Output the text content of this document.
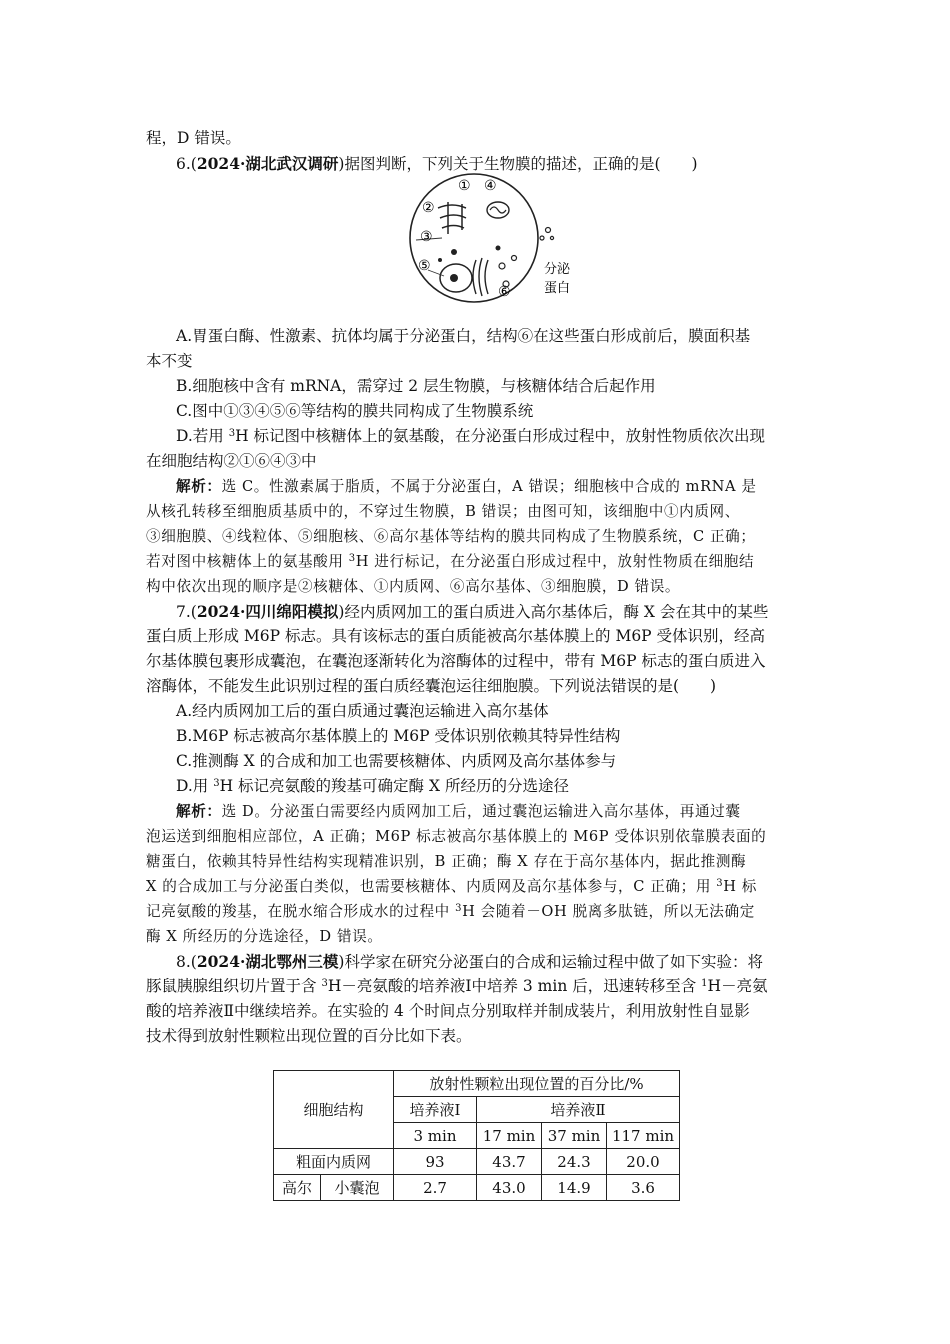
程，D 错误。
6.(2024·湖北武汉调研)据图判断，下列关于生物膜的描述，正确的是(　　)
① ④
②
③
⑤
⑥
分泌
蛋白
A.胃蛋白酶、性激素、抗体均属于分泌蛋白，结构⑥在这些蛋白形成前后，膜面积基
本不变
B.细胞核中含有 mRNA，需穿过 2 层生物膜，与核糖体结合后起作用
C.图中①③④⑤⑥等结构的膜共同构成了生物膜系统
D.若用 $^3$H 标记图中核糖体上的氨基酸，在分泌蛋白形成过程中，放射性物质依次出现
在细胞结构②①⑥④③中
解析：选 C。性激素属于脂质，不属于分泌蛋白，A 错误；细胞核中合成的 mRNA 是
从核孔转移至细胞质基质中的，不穿过生物膜，B 错误；由图可知，该细胞中①内质网、
③细胞膜、④线粒体、⑤细胞核、⑥高尔基体等结构的膜共同构成了生物膜系统，C 正确；
若对图中核糖体上的氨基酸用 $^3$H 进行标记，在分泌蛋白形成过程中，放射性物质在细胞结
构中依次出现的顺序是②核糖体、①内质网、⑥高尔基体、③细胞膜，D 错误。
7.(2024·四川绵阳模拟)经内质网加工的蛋白质进入高尔基体后，酶 X 会在其中的某些
蛋白质上形成 M6P 标志。具有该标志的蛋白质能被高尔基体膜上的 M6P 受体识别，经高
尔基体膜包裹形成囊泡，在囊泡逐渐转化为溶酶体的过程中，带有 M6P 标志的蛋白质进入
溶酶体，不能发生此识别过程的蛋白质经囊泡运往细胞膜。下列说法错误的是(　　)
A.经内质网加工后的蛋白质通过囊泡运输进入高尔基体
B.M6P 标志被高尔基体膜上的 M6P 受体识别依赖其特异性结构
C.推测酶 X 的合成和加工也需要核糖体、内质网及高尔基体参与
D.用 $^3$H 标记亮氨酸的羧基可确定酶 X 所经历的分选途径
解析：选 D。分泌蛋白需要经内质网加工后，通过囊泡运输进入高尔基体，再通过囊
泡运送到细胞相应部位，A 正确；M6P 标志被高尔基体膜上的 M6P 受体识别依靠膜表面的
糖蛋白，依赖其特异性结构实现精准识别，B 正确；酶 X 存在于高尔基体内，据此推测酶
X 的合成加工与分泌蛋白类似，也需要核糖体、内质网及高尔基体参与，C 正确；用 $^3$H 标
记亮氨酸的羧基，在脱水缩合形成水的过程中 $^3$H 会随着－OH 脱离多肽链，所以无法确定
酶 X 所经历的分选途径，D 错误。
8.(2024·湖北鄂州三模)科学家在研究分泌蛋白的合成和运输过程中做了如下实验：将
豚鼠胰腺组织切片置于含 $^3$H－亮氨酸的培养液Ⅰ中培养 3 min 后，迅速转移至含 $^1$H－亮氨
酸的培养液Ⅱ中继续培养。在实验的 4 个时间点分别取样并制成装片，利用放射性自显影
技术得到放射性颗粒出现位置的百分比如下表。
细胞结构		放射性颗粒出现位置的百分比/%			
		培养液Ⅰ	培养液Ⅱ		
		3 min	17 min	37 min	117 min
粗面内质网		93	43.7	24.3	20.0
高尔	小囊泡	2.7	43.0	14.9	3.6
